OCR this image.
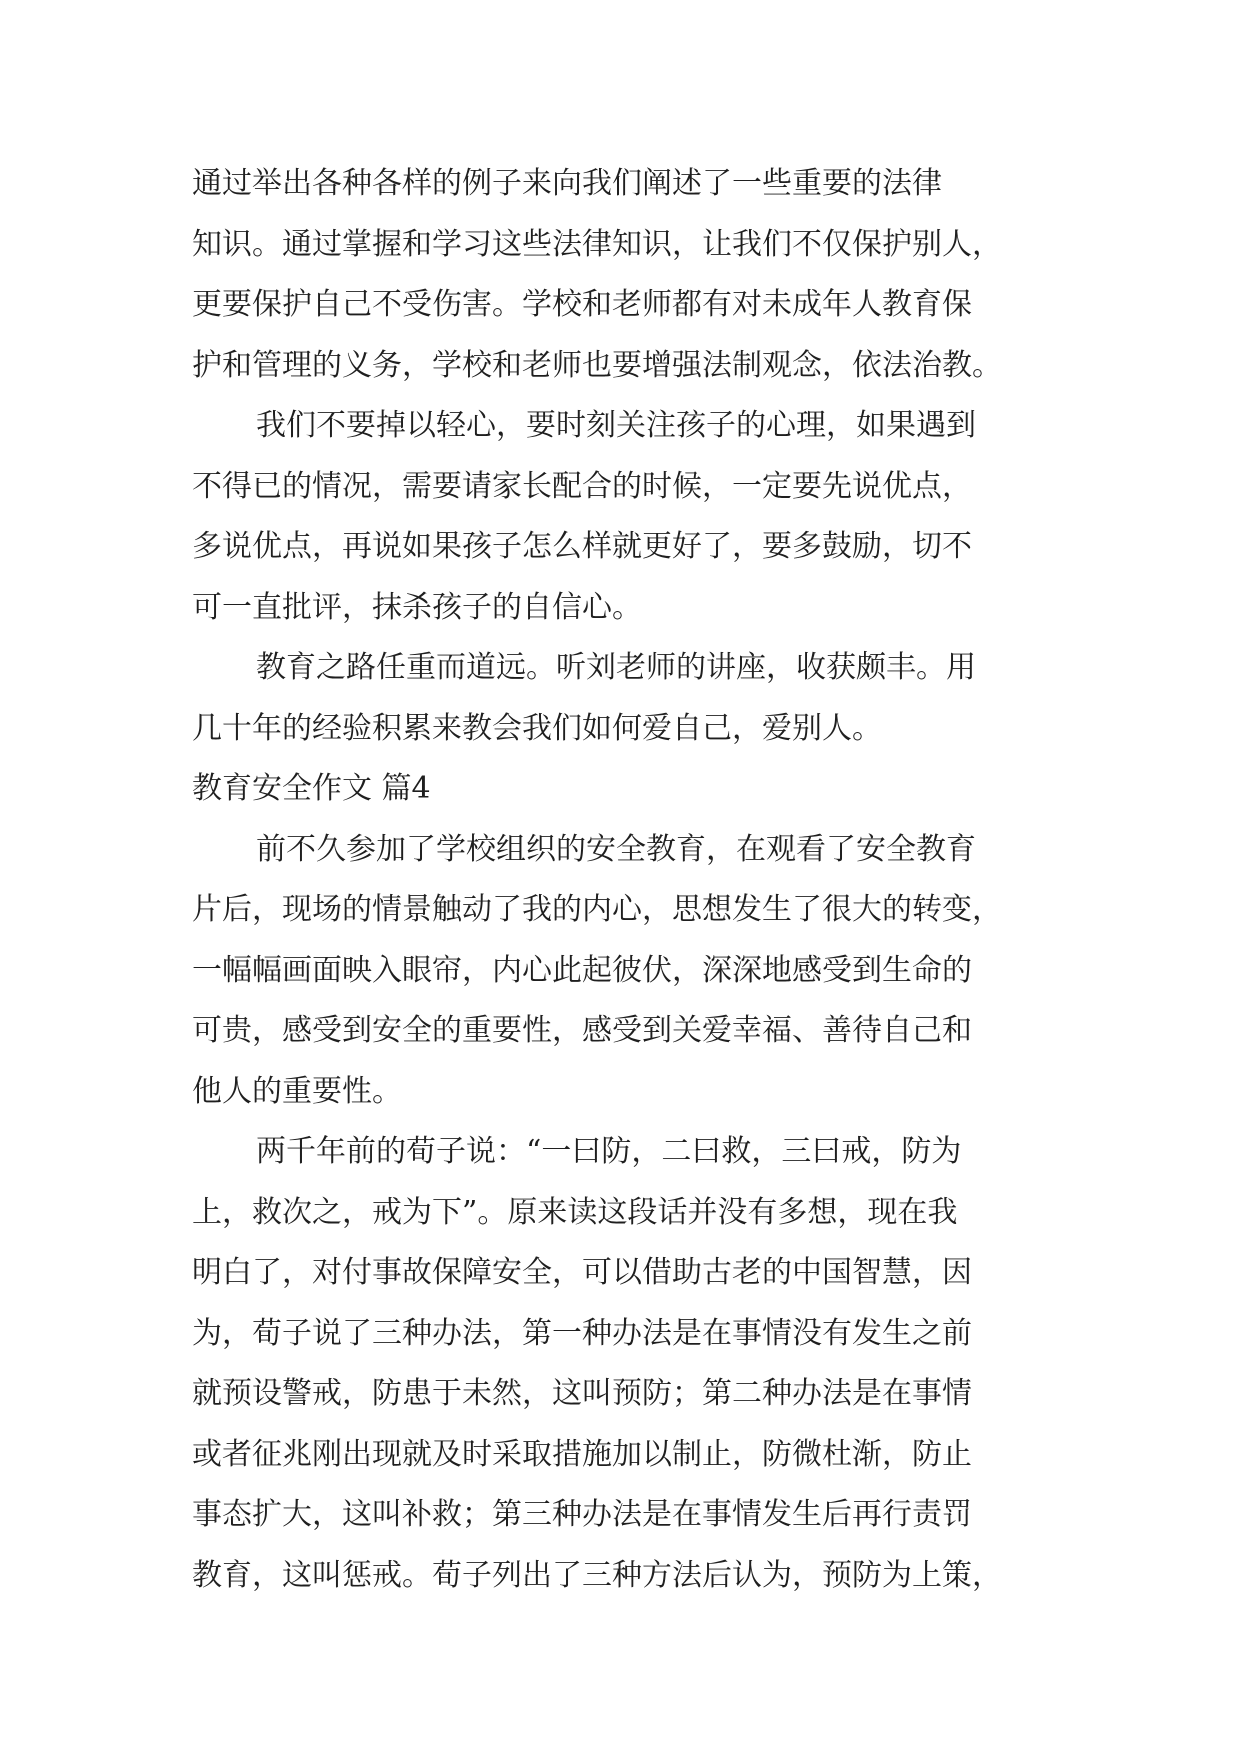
通过举出各种各样的例子来向我们阐述了一些重要的法律
知识。通过掌握和学习这些法律知识，让我们不仅保护别人，
更要保护自己不受伤害。学校和老师都有对未成年人教育保
护和管理的义务，学校和老师也要增强法制观念，依法治教。
我们不要掉以轻心，要时刻关注孩子的心理，如果遇到
不得已的情况，需要请家长配合的时候，一定要先说优点，
多说优点，再说如果孩子怎么样就更好了，要多鼓励，切不
可一直批评，抹杀孩子的自信心。
教育之路任重而道远。听刘老师的讲座，收获颇丰。用
几十年的经验积累来教会我们如何爱自己，爱别人。
教育安全作文 篇4
前不久参加了学校组织的安全教育，在观看了安全教育
片后，现场的情景触动了我的内心，思想发生了很大的转变，
一幅幅画面映入眼帘，内心此起彼伏，深深地感受到生命的
可贵，感受到安全的重要性，感受到关爱幸福、善待自己和
他人的重要性。
两千年前的荀子说：“一曰防，二曰救，三曰戒，防为
上，救次之，戒为下”。原来读这段话并没有多想，现在我
明白了，对付事故保障安全，可以借助古老的中国智慧，因
为，荀子说了三种办法，第一种办法是在事情没有发生之前
就预设警戒，防患于未然，这叫预防；第二种办法是在事情
或者征兆刚出现就及时采取措施加以制止，防微杜渐，防止
事态扩大，这叫补救；第三种办法是在事情发生后再行责罚
教育，这叫惩戒。荀子列出了三种方法后认为，预防为上策，
